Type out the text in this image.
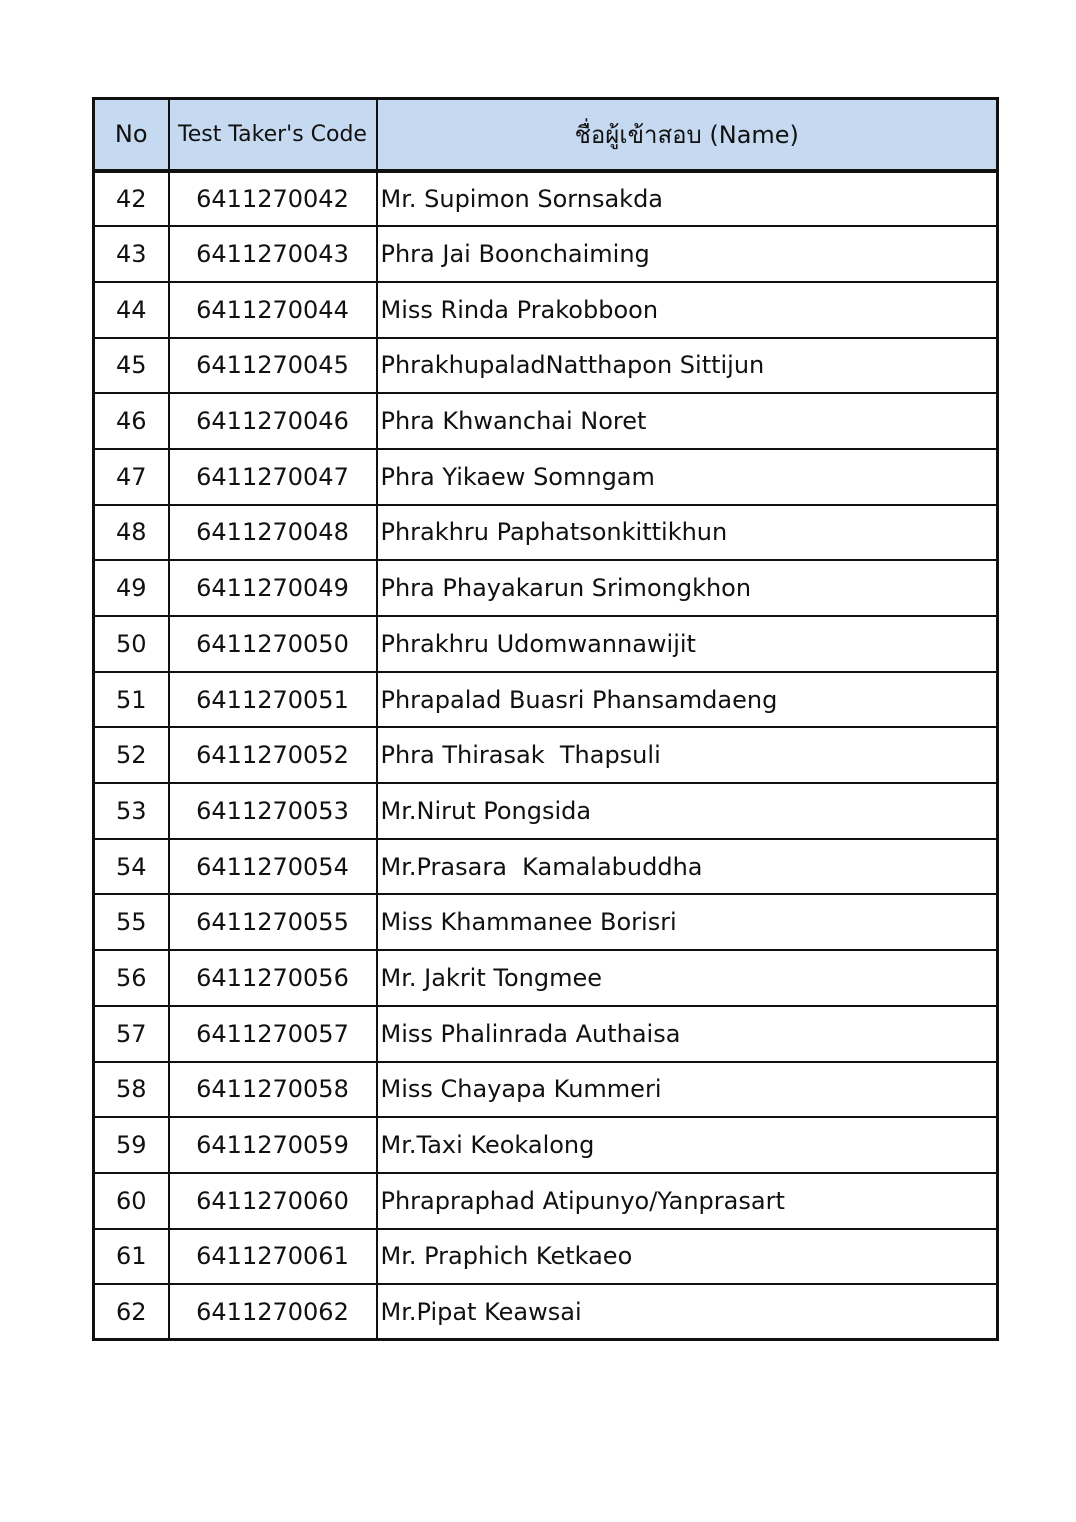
No	Test Taker's Code	ชื่อผู้เข้าสอบ (Name)
42	6411270042	Mr. Supimon Sornsakda
43	6411270043	Phra Jai Boonchaiming
44	6411270044	Miss Rinda Prakobboon
45	6411270045	PhrakhupaladNatthapon Sittijun
46	6411270046	Phra Khwanchai Noret
47	6411270047	Phra Yikaew Somngam
48	6411270048	Phrakhru Paphatsonkittikhun
49	6411270049	Phra Phayakarun Srimongkhon
50	6411270050	Phrakhru Udomwannawijit
51	6411270051	Phrapalad Buasri Phansamdaeng
52	6411270052	Phra Thirasak  Thapsuli
53	6411270053	Mr.Nirut Pongsida
54	6411270054	Mr.Prasara  Kamalabuddha
55	6411270055	Miss Khammanee Borisri
56	6411270056	Mr. Jakrit Tongmee
57	6411270057	Miss Phalinrada Authaisa
58	6411270058	Miss Chayapa Kummeri
59	6411270059	Mr.Taxi Keokalong
60	6411270060	Phrapraphad Atipunyo/Yanprasart
61	6411270061	Mr. Praphich Ketkaeo
62	6411270062	Mr.Pipat Keawsai
